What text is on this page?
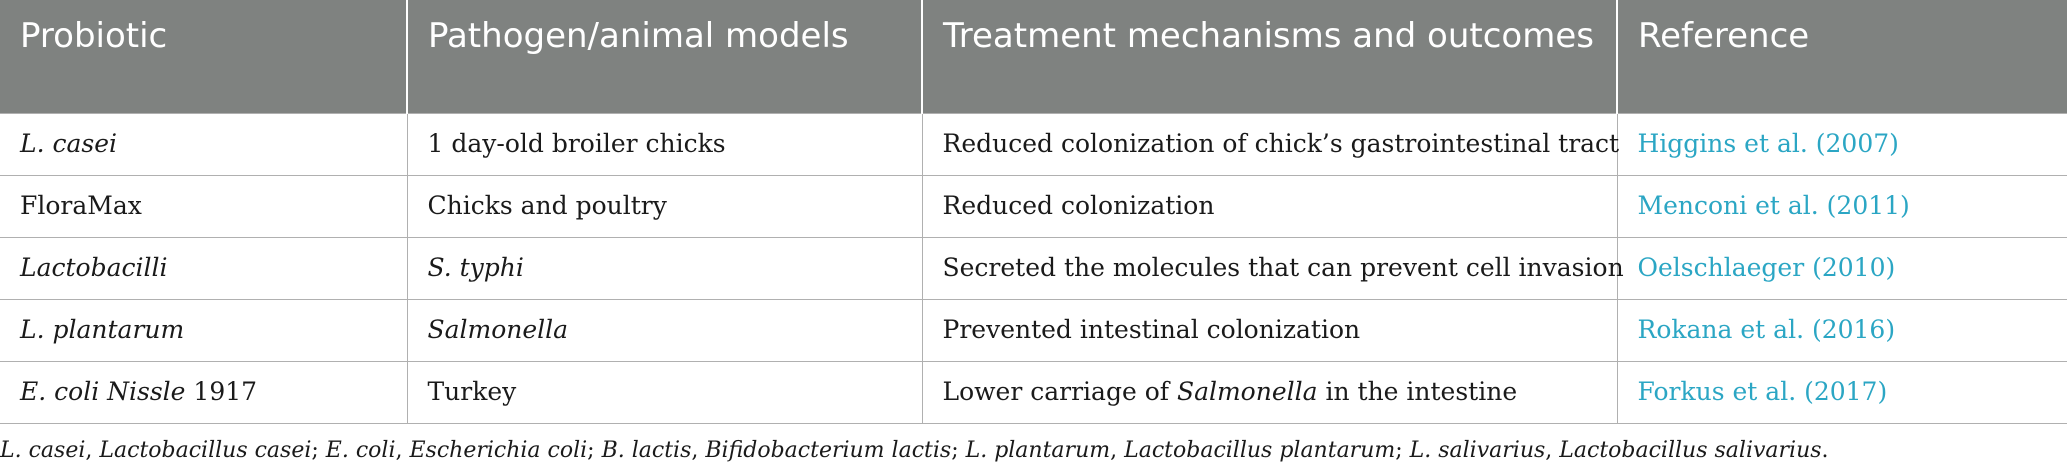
Probiotic	Pathogen/animal models	Treatment mechanisms and outcomes	Reference
L. casei	1 day-old broiler chicks	Reduced colonization of chick’s gastrointestinal tract	Higgins et al. (2007)
FloraMax	Chicks and poultry	Reduced colonization	Menconi et al. (2011)
Lactobacilli	S. typhi	Secreted the molecules that can prevent cell invasion	Oelschlaeger (2010)
L. plantarum	Salmonella	Prevented intestinal colonization	Rokana et al. (2016)
E. coli Nissle 1917	Turkey	Lower carriage of Salmonella in the intestine	Forkus et al. (2017)
L. casei, Lactobacillus casei; E. coli, Escherichia coli; B. lactis, Bifidobacterium lactis; L. plantarum, Lactobacillus plantarum; L. salivarius, Lactobacillus salivarius.
